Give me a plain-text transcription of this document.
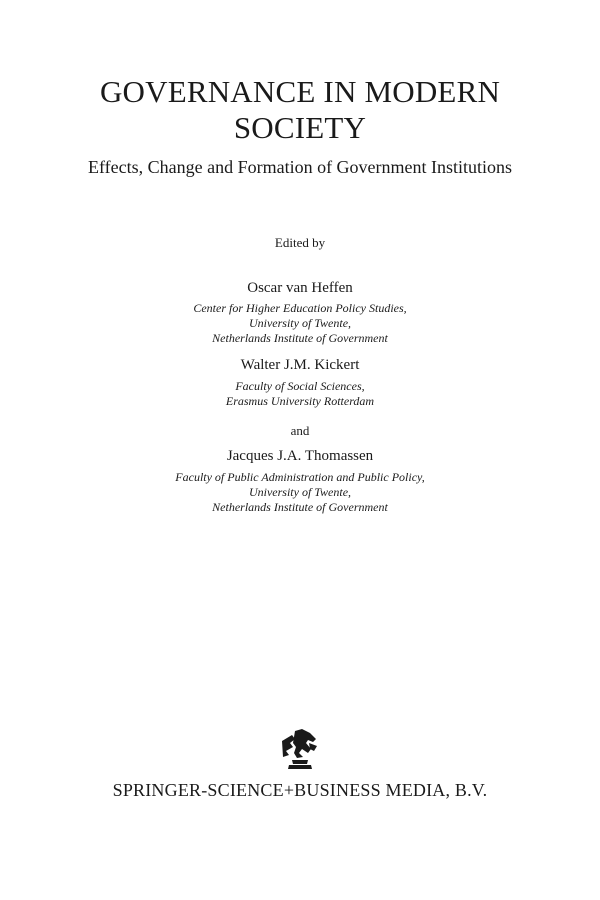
GOVERNANCE IN MODERN
SOCIETY
Effects, Change and Formation of Government Institutions
Edited by
Oscar van Heffen
Center for Higher Education Policy Studies,
University of Twente,
Netherlands Institute of Government
Walter J.M. Kickert
Faculty of Social Sciences,
Erasmus University Rotterdam
and
Jacques J.A. Thomassen
Faculty of Public Administration and Public Policy,
University of Twente,
Netherlands Institute of Government
SPRINGER-SCIENCE+BUSINESS MEDIA, B.V.
